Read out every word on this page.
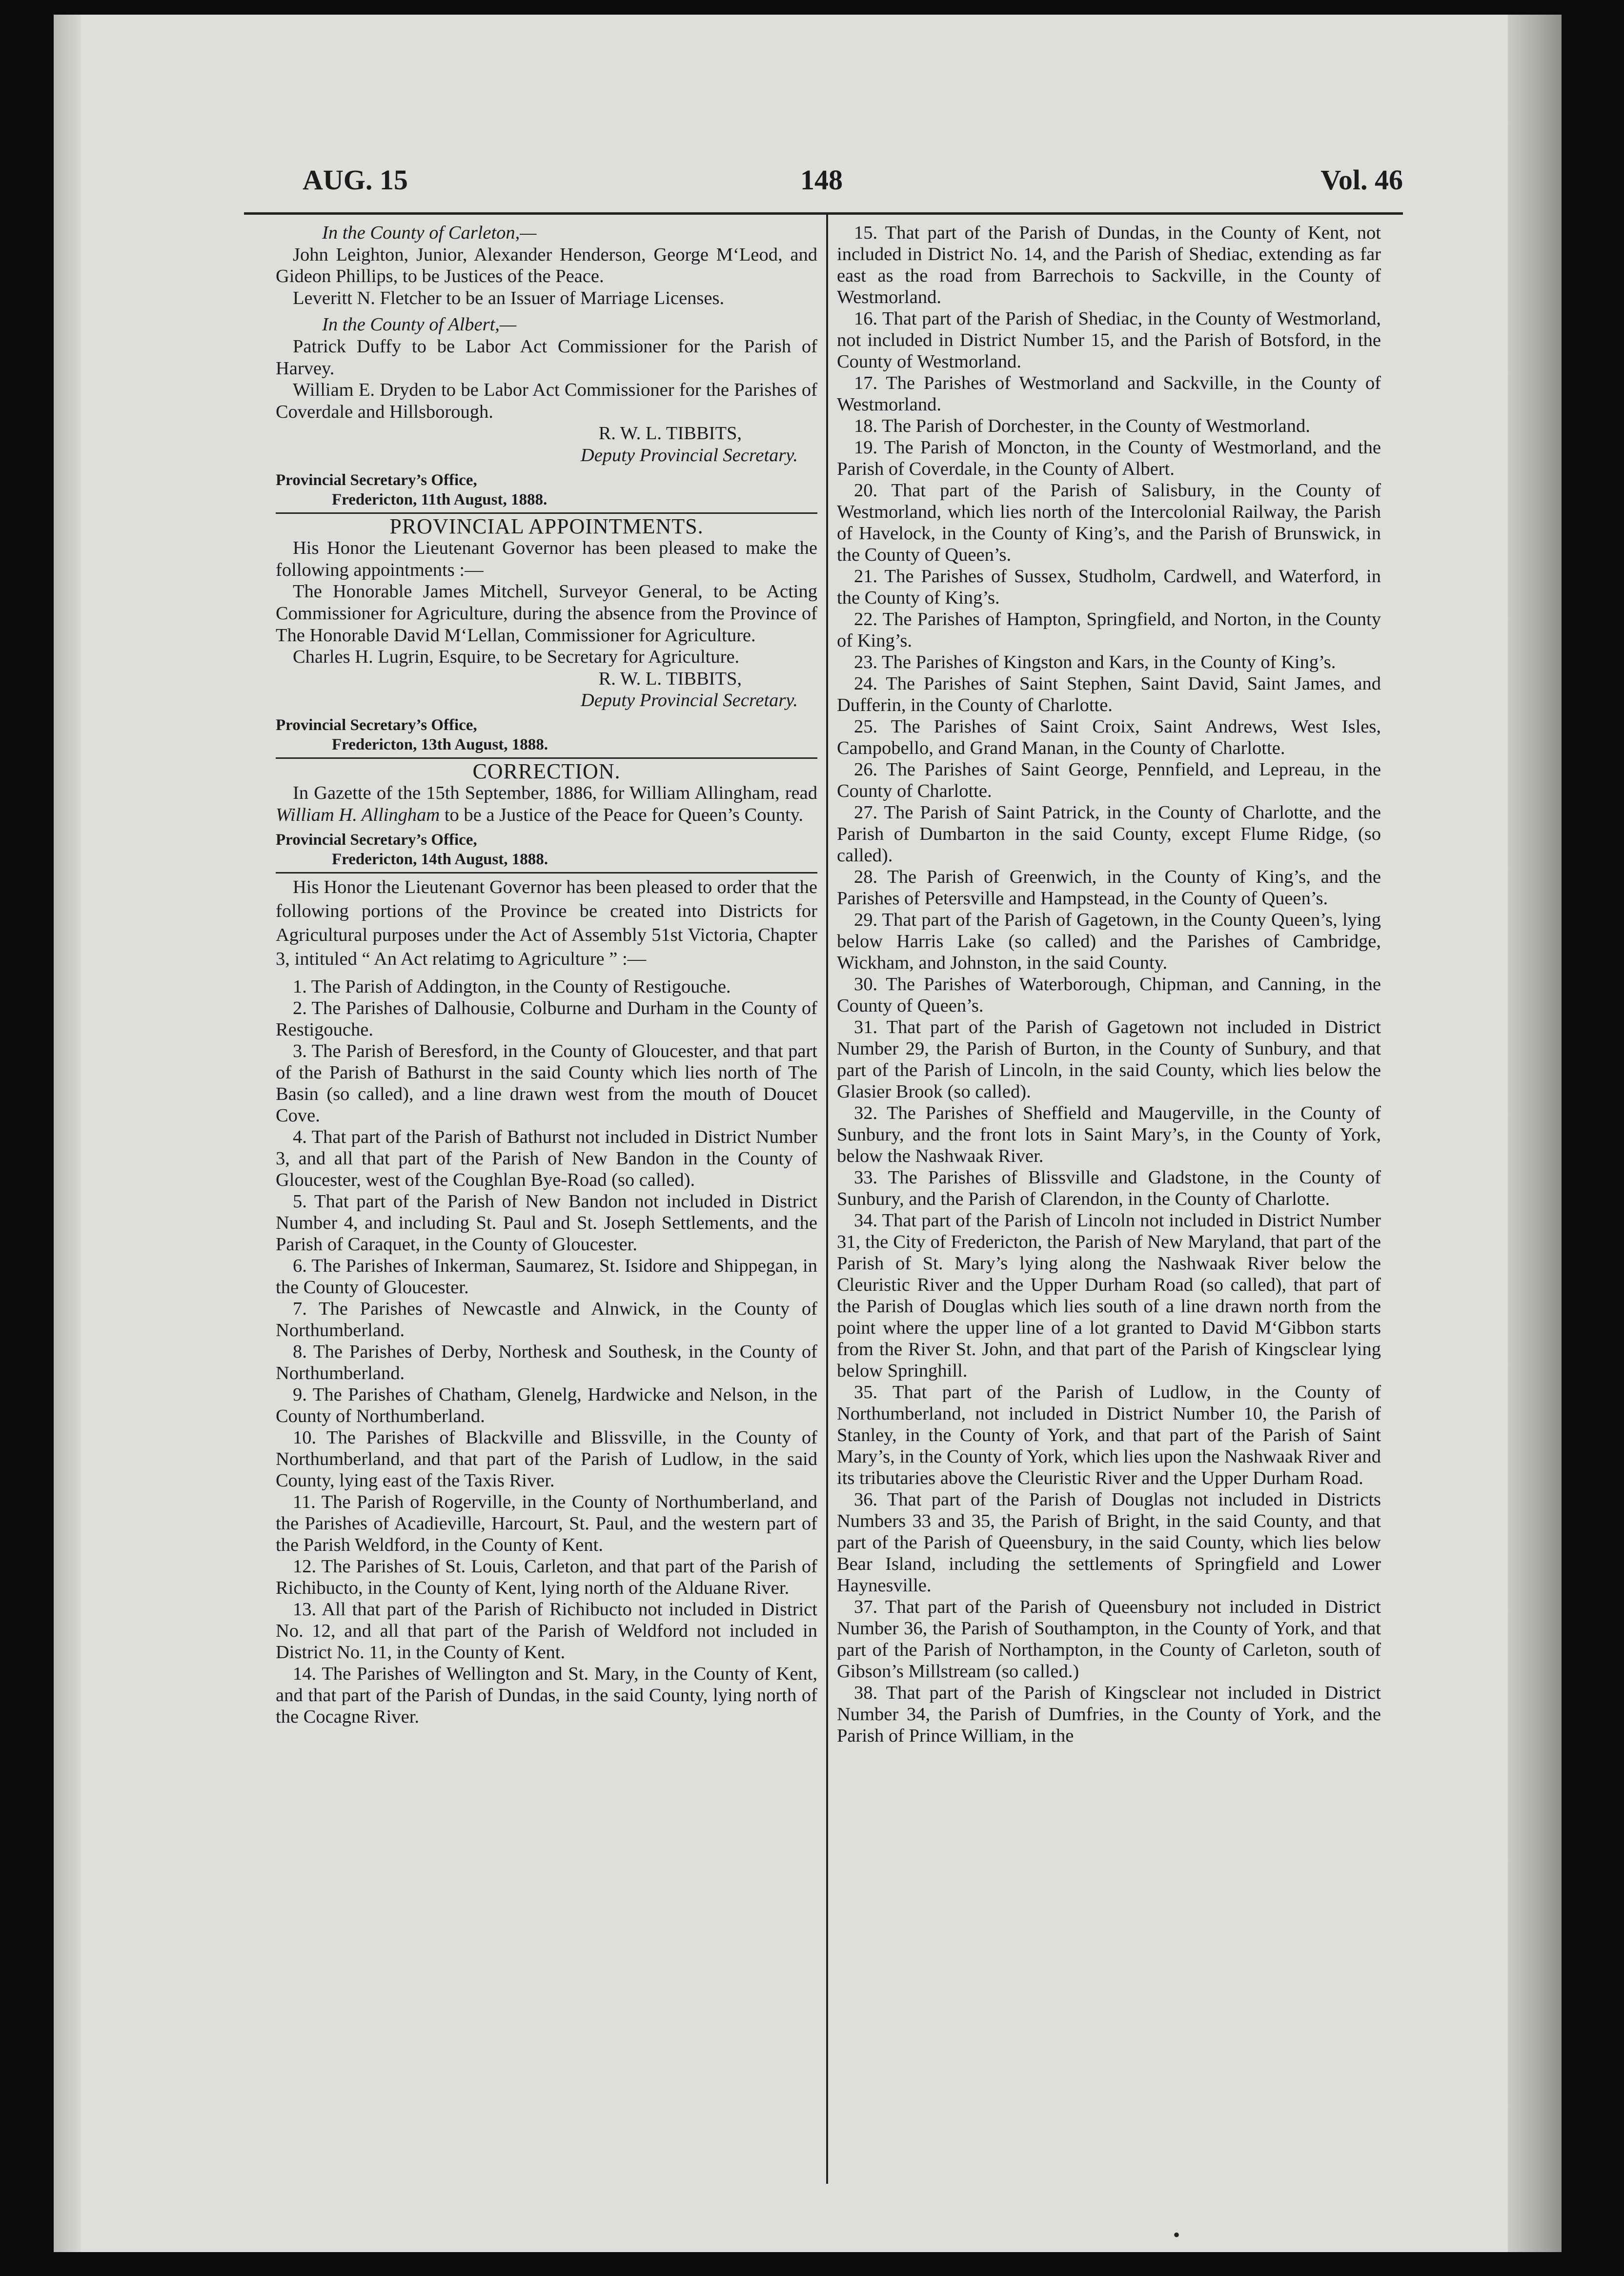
AUG. 15	148	Vol. 46

In the County of Carleton,—

John Leighton, Junior, Alexander Henderson, George M‘Leod, and Gideon Phillips, to be Justices of the Peace.

Leveritt N. Fletcher to be an Issuer of Marriage Licenses.

In the County of Albert,—

Patrick Duffy to be Labor Act Commissioner for the Parish of Harvey.

William E. Dryden to be Labor Act Commissioner for the Parishes of Coverdale and Hillsborough.

R. W. L. TIBBITS,
Deputy Provincial Secretary.
Provincial Secretary’s Office,
Fredericton, 11th August, 1888.
PROVINCIAL APPOINTMENTS.

His Honor the Lieutenant Governor has been pleased to make the following appointments :—

The Honorable James Mitchell, Surveyor General, to be Acting Commissioner for Agriculture, during the absence from the Province of The Honorable David M‘Lellan, Commissioner for Agriculture.

Charles H. Lugrin, Esquire, to be Secretary for Agriculture.

R. W. L. TIBBITS,
Deputy Provincial Secretary.
Provincial Secretary’s Office,
Fredericton, 13th August, 1888.
CORRECTION.

In Gazette of the 15th September, 1886, for William Allingham, read William H. Allingham to be a Justice of the Peace for Queen’s County.

Provincial Secretary’s Office,
Fredericton, 14th August, 1888.

His Honor the Lieutenant Governor has been pleased to order that the following portions of the Province be created into Districts for Agricultural purposes under the Act of Assembly 51st Victoria, Chapter 3, intituled “ An Act relatimg to Agriculture ” :—

1. The Parish of Addington, in the County of Restigouche.

2. The Parishes of Dalhousie, Colburne and Durham in the County of Restigouche.

3. The Parish of Beresford, in the County of Gloucester, and that part of the Parish of Bathurst in the said County which lies north of The Basin (so called), and a line drawn west from the mouth of Doucet Cove.

4. That part of the Parish of Bathurst not included in District Number 3, and all that part of the Parish of New Bandon in the County of Gloucester, west of the Coughlan Bye-Road (so called).

5. That part of the Parish of New Bandon not included in District Number 4, and including St. Paul and St. Joseph Settlements, and the Parish of Caraquet, in the County of Gloucester.

6. The Parishes of Inkerman, Saumarez, St. Isidore and Shippegan, in the County of Gloucester.

7. The Parishes of Newcastle and Alnwick, in the County of Northumberland.

8. The Parishes of Derby, Northesk and Southesk, in the County of Northumberland.

9. The Parishes of Chatham, Glenelg, Hardwicke and Nelson, in the County of Northumberland.

10. The Parishes of Blackville and Blissville, in the County of Northumberland, and that part of the Parish of Ludlow, in the said County, lying east of the Taxis River.

11. The Parish of Rogerville, in the County of Northumberland, and the Parishes of Acadieville, Harcourt, St. Paul, and the western part of the Parish Weldford, in the County of Kent.

12. The Parishes of St. Louis, Carleton, and that part of the Parish of Richibucto, in the County of Kent, lying north of the Alduane River.

13. All that part of the Parish of Richibucto not included in District No. 12, and all that part of the Parish of Weldford not included in District No. 11, in the County of Kent.

14. The Parishes of Wellington and St. Mary, in the County of Kent, and that part of the Parish of Dundas, in the said County, lying north of the Cocagne River.

15. That part of the Parish of Dundas, in the County of Kent, not included in District No. 14, and the Parish of Shediac, extending as far east as the road from Barrechois to Sackville, in the County of Westmorland.

16. That part of the Parish of Shediac, in the County of Westmorland, not included in District Number 15, and the Parish of Botsford, in the County of Westmorland.

17. The Parishes of Westmorland and Sackville, in the County of Westmorland.

18. The Parish of Dorchester, in the County of Westmorland.

19. The Parish of Moncton, in the County of Westmorland, and the Parish of Coverdale, in the County of Albert.

20. That part of the Parish of Salisbury, in the County of Westmorland, which lies north of the Intercolonial Railway, the Parish of Havelock, in the County of King’s, and the Parish of Brunswick, in the County of Queen’s.

21. The Parishes of Sussex, Studholm, Cardwell, and Waterford, in the County of King’s.

22. The Parishes of Hampton, Springfield, and Norton, in the County of King’s.

23. The Parishes of Kingston and Kars, in the County of King’s.

24. The Parishes of Saint Stephen, Saint David, Saint James, and Dufferin, in the County of Charlotte.

25. The Parishes of Saint Croix, Saint Andrews, West Isles, Campobello, and Grand Manan, in the County of Charlotte.

26. The Parishes of Saint George, Pennfield, and Lepreau, in the County of Charlotte.

27. The Parish of Saint Patrick, in the County of Charlotte, and the Parish of Dumbarton in the said County, except Flume Ridge, (so called).

28. The Parish of Greenwich, in the County of King’s, and the Parishes of Petersville and Hampstead, in the County of Queen’s.

29. That part of the Parish of Gagetown, in the County Queen’s, lying below Harris Lake (so called) and the Parishes of Cambridge, Wickham, and Johnston, in the said County.

30. The Parishes of Waterborough, Chipman, and Canning, in the County of Queen’s.

31. That part of the Parish of Gagetown not included in District Number 29, the Parish of Burton, in the County of Sunbury, and that part of the Parish of Lincoln, in the said County, which lies below the Glasier Brook (so called).

32. The Parishes of Sheffield and Maugerville, in the County of Sunbury, and the front lots in Saint Mary’s, in the County of York, below the Nashwaak River.

33. The Parishes of Blissville and Gladstone, in the County of Sunbury, and the Parish of Clarendon, in the County of Charlotte.

34. That part of the Parish of Lincoln not included in District Number 31, the City of Fredericton, the Parish of New Maryland, that part of the Parish of St. Mary’s lying along the Nashwaak River below the Cleuristic River and the Upper Durham Road (so called), that part of the Parish of Douglas which lies south of a line drawn north from the point where the upper line of a lot granted to David M‘Gibbon starts from the River St. John, and that part of the Parish of Kingsclear lying below Springhill.

35. That part of the Parish of Ludlow, in the County of Northumberland, not included in District Number 10, the Parish of Stanley, in the County of York, and that part of the Parish of Saint Mary’s, in the County of York, which lies upon the Nashwaak River and its tributaries above the Cleuristic River and the Upper Durham Road.

36. That part of the Parish of Douglas not included in Districts Numbers 33 and 35, the Parish of Bright, in the said County, and that part of the Parish of Queensbury, in the said County, which lies below Bear Island, including the settlements of Springfield and Lower Haynesville.

37. That part of the Parish of Queensbury not included in District Number 36, the Parish of Southampton, in the County of York, and that part of the Parish of Northampton, in the County of Carleton, south of Gibson’s Millstream (so called.)

38. That part of the Parish of Kingsclear not included in District Number 34, the Parish of Dumfries, in the County of York, and the Parish of Prince William, in the

•
